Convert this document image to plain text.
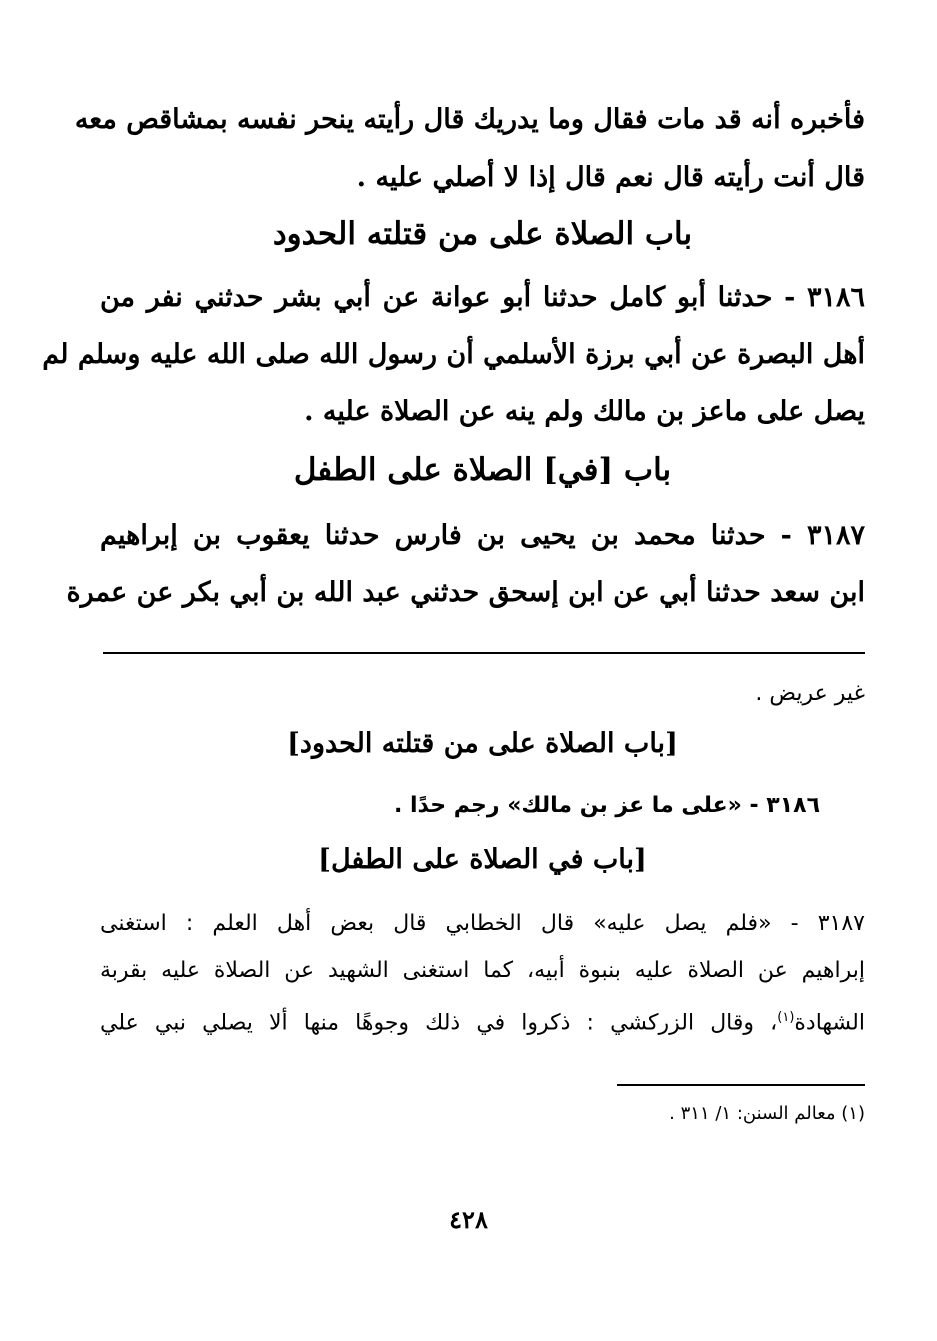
فأخبره أنه قد مات فقال وما يدريك قال رأيته ينحر نفسه بمشاقص معه
قال أنت رأيته قال نعم قال إذا لا أصلي عليه .
باب الصلاة على من قتلته الحدود
٣١٨٦ - حدثنا أبو كامل حدثنا أبو عوانة عن أبي بشر حدثني نفر من
أهل البصرة عن أبي برزة الأسلمي أن رسول الله صلى الله عليه وسلم لم
يصل على ماعز بن مالك ولم ينه عن الصلاة عليه .
باب [في] الصلاة على الطفل
٣١٨٧ - حدثنا محمد بن يحيى بن فارس حدثنا يعقوب بن إبراهيم
ابن سعد حدثنا أبي عن ابن إسحق حدثني عبد الله بن أبي بكر عن عمرة
غير عريض .
[باب الصلاة على من قتلته الحدود]
٣١٨٦ - «على ما عز بن مالك» رجم حدًا .
[باب في الصلاة على الطفل]
٣١٨٧ - «فلم يصل عليه» قال الخطابي قال بعض أهل العلم : استغنى
إبراهيم عن الصلاة عليه بنبوة أبيه، كما استغنى الشهيد عن الصلاة عليه بقربة
الشهادة$^{(١)}$، وقال الزركشي : ذكروا في ذلك وجوهًا منها ألا يصلي نبي علي
(١) معالم السنن: ١/ ٣١١ .
٤٢٨
